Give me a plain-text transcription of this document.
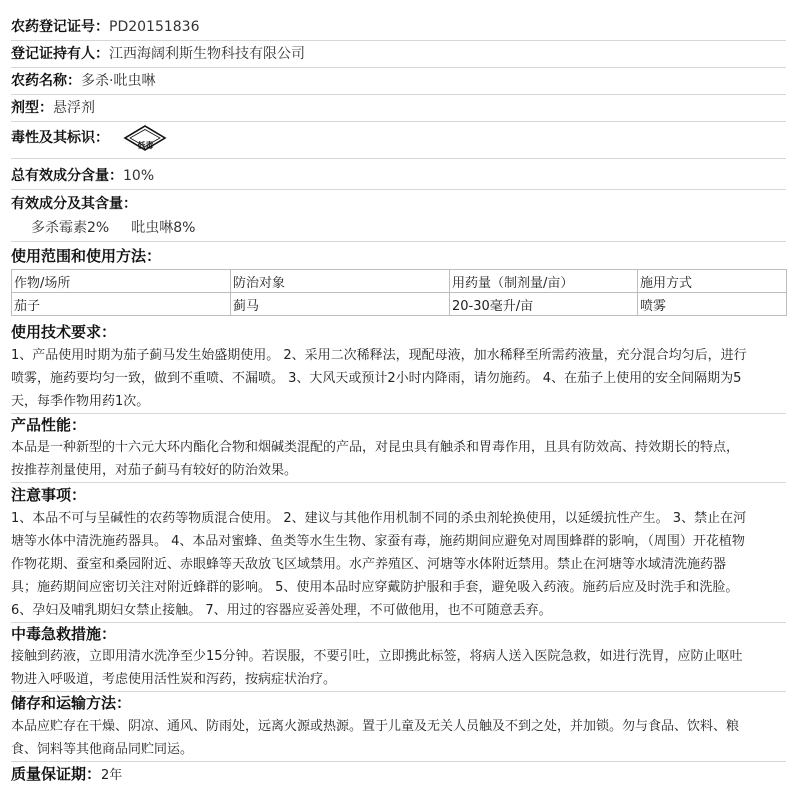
农药登记证号：PD20151836
登记证持有人：江西海阔利斯生物科技有限公司
农药名称：多杀·吡虫啉
剂型：悬浮剂
毒性及其标识：	低毒
总有效成分含量：10%
有效成分及其含量：
多杀霉素2% 吡虫啉8%
使用范围和使用方法：
作物/场所	防治对象	用药量（制剂量/亩）	施用方式
茄子	蓟马	20-30毫升/亩	喷雾
使用技术要求：
1、产品使用时期为茄子蓟马发生始盛期使用。 2、采用二次稀释法，现配母液，加水稀释至所需药液量，充分混合均匀后，进行
喷雾，施药要均匀一致，做到不重喷、不漏喷。 3、大风天或预计2小时内降雨，请勿施药。 4、在茄子上使用的安全间隔期为5
天，每季作物用药1次。
产品性能：
本品是一种新型的十六元大环内酯化合物和烟碱类混配的产品，对昆虫具有触杀和胃毒作用，且具有防效高、持效期长的特点，
按推荐剂量使用，对茄子蓟马有较好的防治效果。
注意事项：
1、本品不可与呈碱性的农药等物质混合使用。 2、建议与其他作用机制不同的杀虫剂轮换使用，以延缓抗性产生。 3、禁止在河
塘等水体中清洗施药器具。 4、本品对蜜蜂、鱼类等水生生物、家蚕有毒，施药期间应避免对周围蜂群的影响，（周围）开花植物
作物花期、蚕室和桑园附近、赤眼蜂等天敌放飞区域禁用。水产养殖区、河塘等水体附近禁用。禁止在河塘等水域清洗施药器
具；施药期间应密切关注对附近蜂群的影响。 5、使用本品时应穿戴防护服和手套，避免吸入药液。施药后应及时洗手和洗脸。
6、孕妇及哺乳期妇女禁止接触。 7、用过的容器应妥善处理，不可做他用，也不可随意丢弃。
中毒急救措施：
接触到药液，立即用清水洗净至少15分钟。若误服，不要引吐，立即携此标签，将病人送入医院急救，如进行洗胃，应防止呕吐
物进入呼吸道，考虑使用活性炭和泻药，按病症状治疗。
储存和运输方法：
本品应贮存在干燥、阴凉、通风、防雨处，远离火源或热源。置于儿童及无关人员触及不到之处，并加锁。勿与食品、饮料、粮
食、饲料等其他商品同贮同运。
质量保证期：2年
